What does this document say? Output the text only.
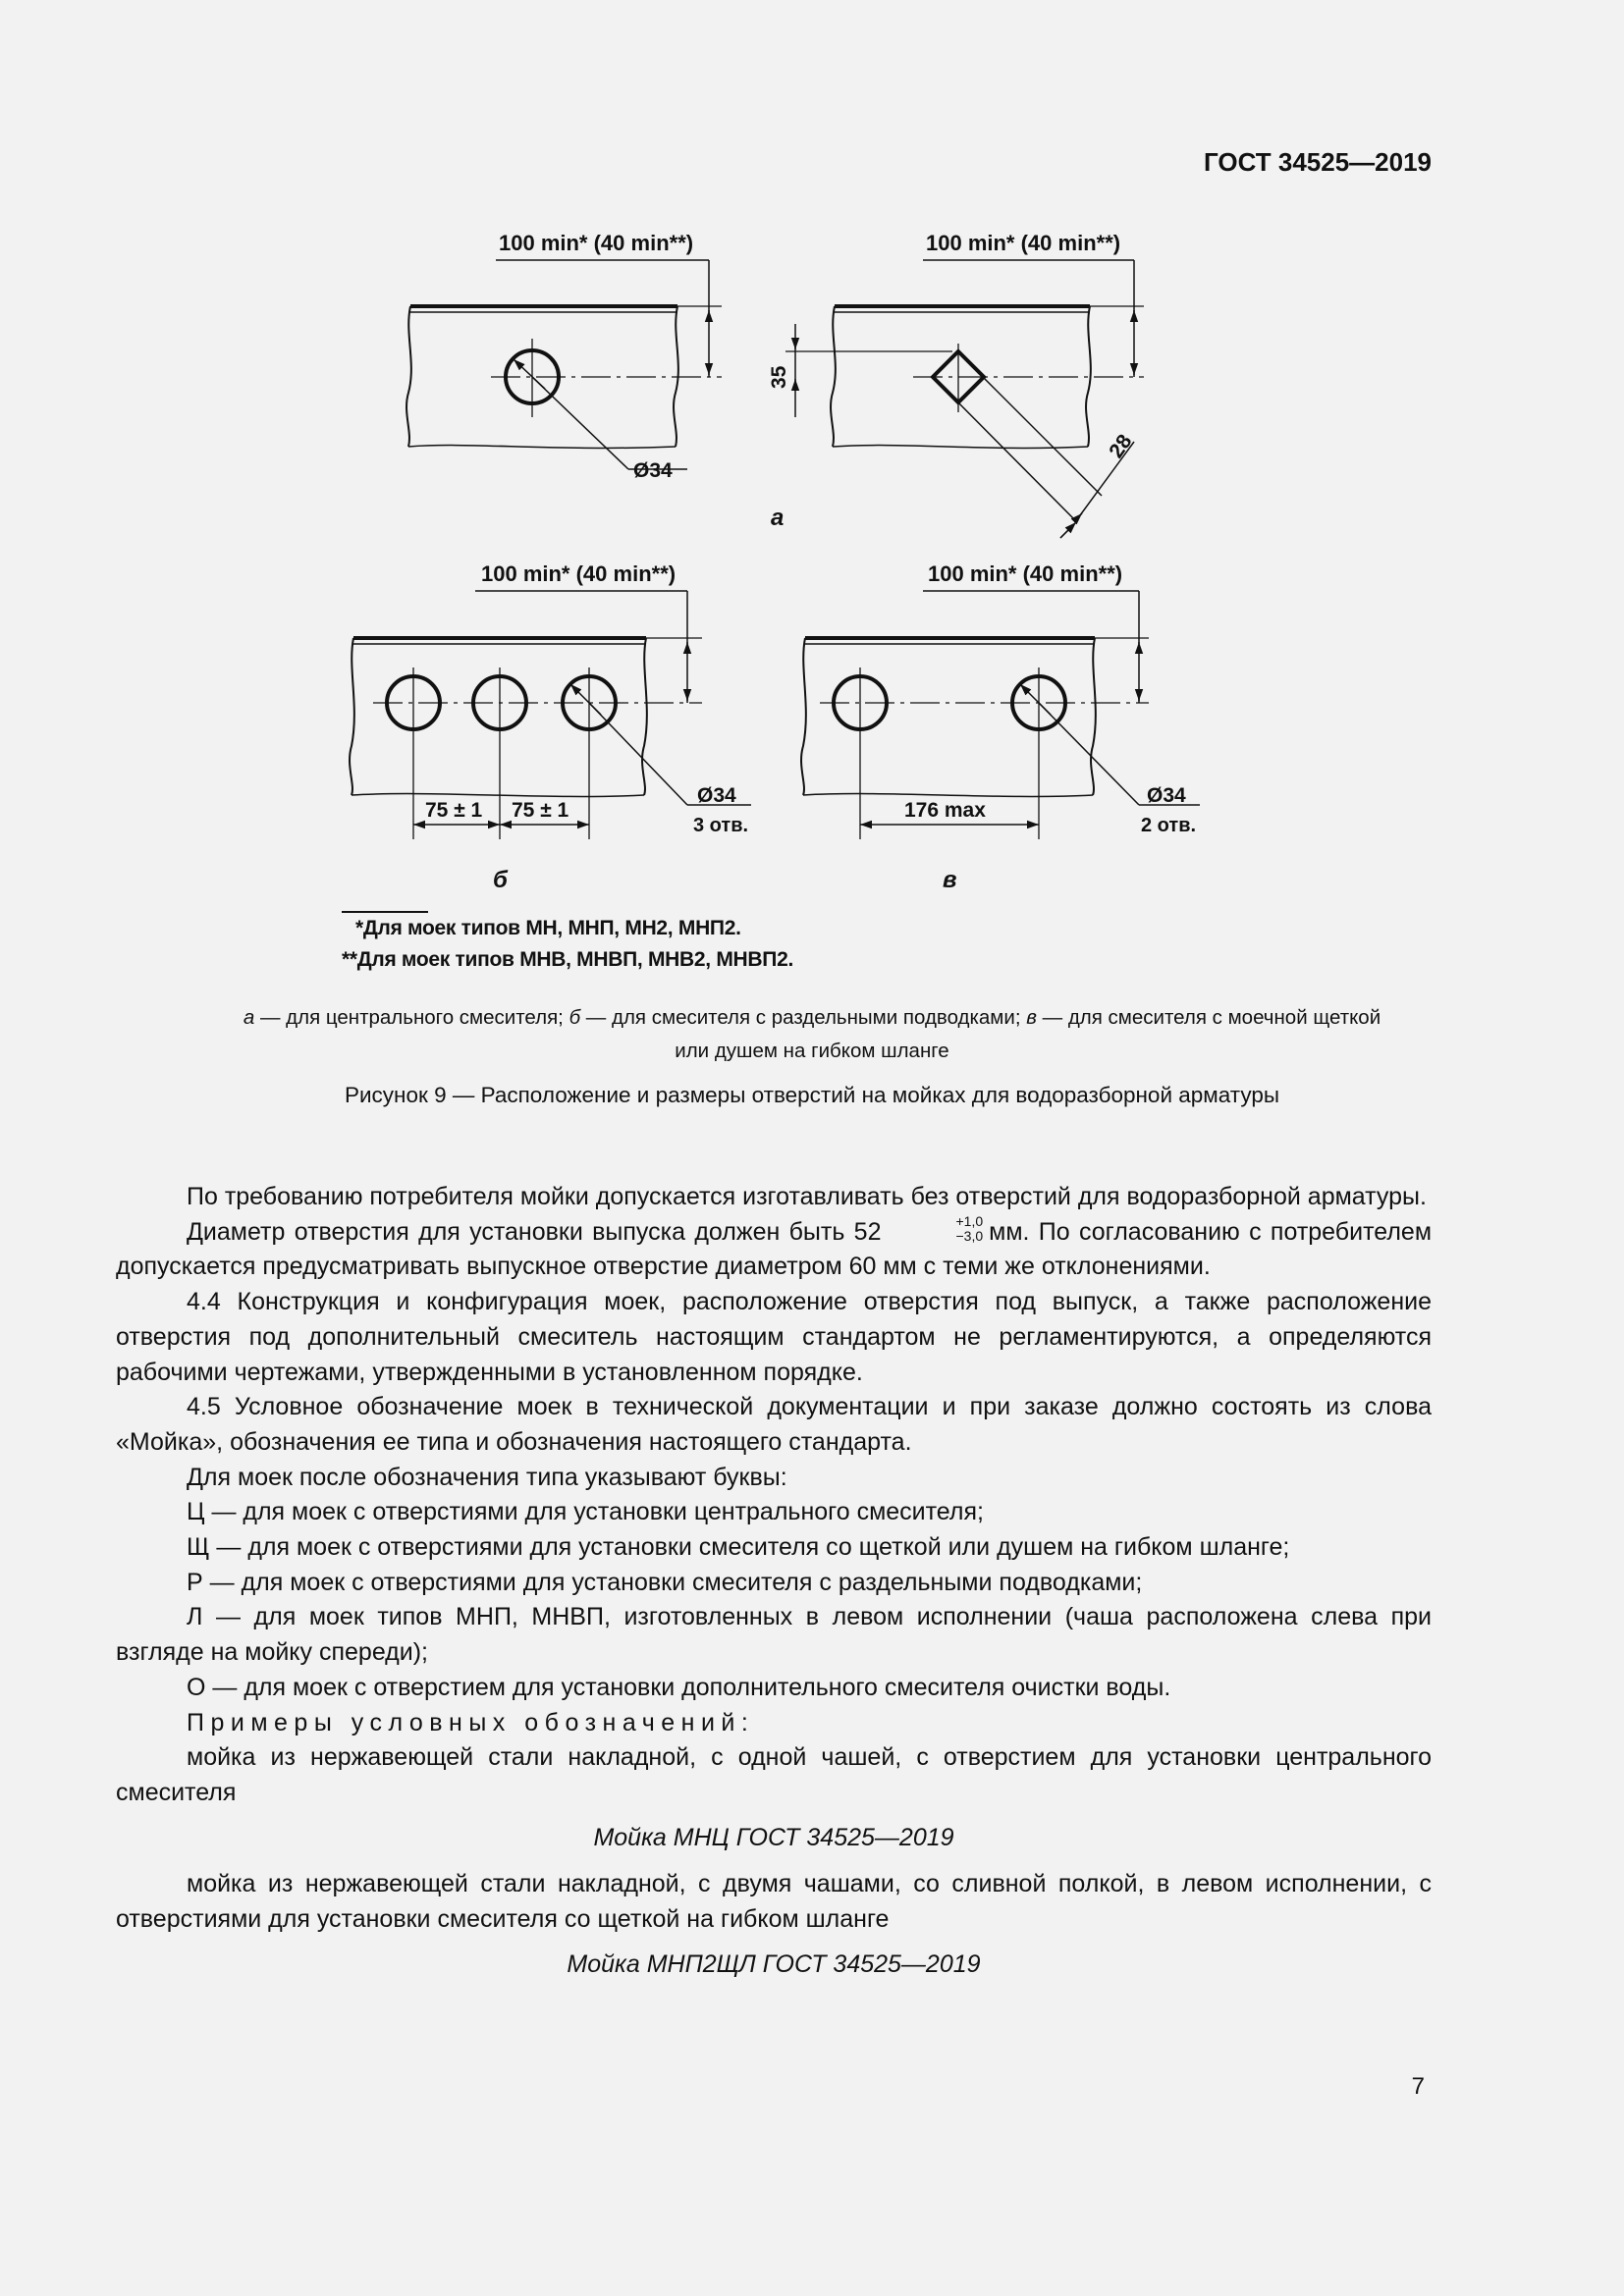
ГОСТ 34525—2019
100 min* (40 min**)
Ø34
100 min* (40 min**)
35
28
а
100 min* (40 min**)
75 ± 1 75 ± 1
Ø34
3 отв.
б
100 min* (40 min**)
176 max
Ø34
2 отв.
в
*Для моек типов МН, МНП, МН2, МНП2.
**Для моек типов МНВ, МНВП, МНВ2, МНВП2.
а — для центрального смесителя; б — для смесителя с раздельными подводками; в — для смесителя с моечной щеткой
или душем на гибком шланге
Рисунок 9 — Расположение и размеры отверстий на мойках для водоразборной арматуры

По требованию потребителя мойки допускается изготавливать без отверстий для водоразборной арматуры.

Диаметр отверстия для установки выпуска должен быть 52	+1,0
−3,0 мм. По согласованию с потребителем допускается предусматривать выпускное отверстие диаметром 60 мм с теми же отклонениями.

4.4 Конструкция и конфигурация моек, расположение отверстия под выпуск, а также расположение отверстия под дополнительный смеситель настоящим стандартом не регламентируются, а определяются рабочими чертежами, утвержденными в установленном порядке.

4.5 Условное обозначение моек в технической документации и при заказе должно состоять из слова «Мойка», обозначения ее типа и обозначения настоящего стандарта.

Для моек после обозначения типа указывают буквы:

Ц — для моек с отверстиями для установки центрального смесителя;

Щ — для моек с отверстиями для установки смесителя со щеткой или душем на гибком шланге;

Р — для моек с отверстиями для установки смесителя с раздельными подводками;

Л — для моек типов МНП, МНВП, изготовленных в левом исполнении (чаша расположена слева при взгляде на мойку спереди);

О — для моек с отверстием для установки дополнительного смесителя очистки воды.

Примеры условных обозначений:

мойка из нержавеющей стали накладной, с одной чашей, с отверстием для установки центрального смесителя

Мойка МНЦ ГОСТ 34525—2019

мойка из нержавеющей стали накладной, с двумя чашами, со сливной полкой, в левом исполнении, с отверстиями для установки смесителя со щеткой на гибком шланге

Мойка МНП2ЩЛ ГОСТ 34525—2019

7
